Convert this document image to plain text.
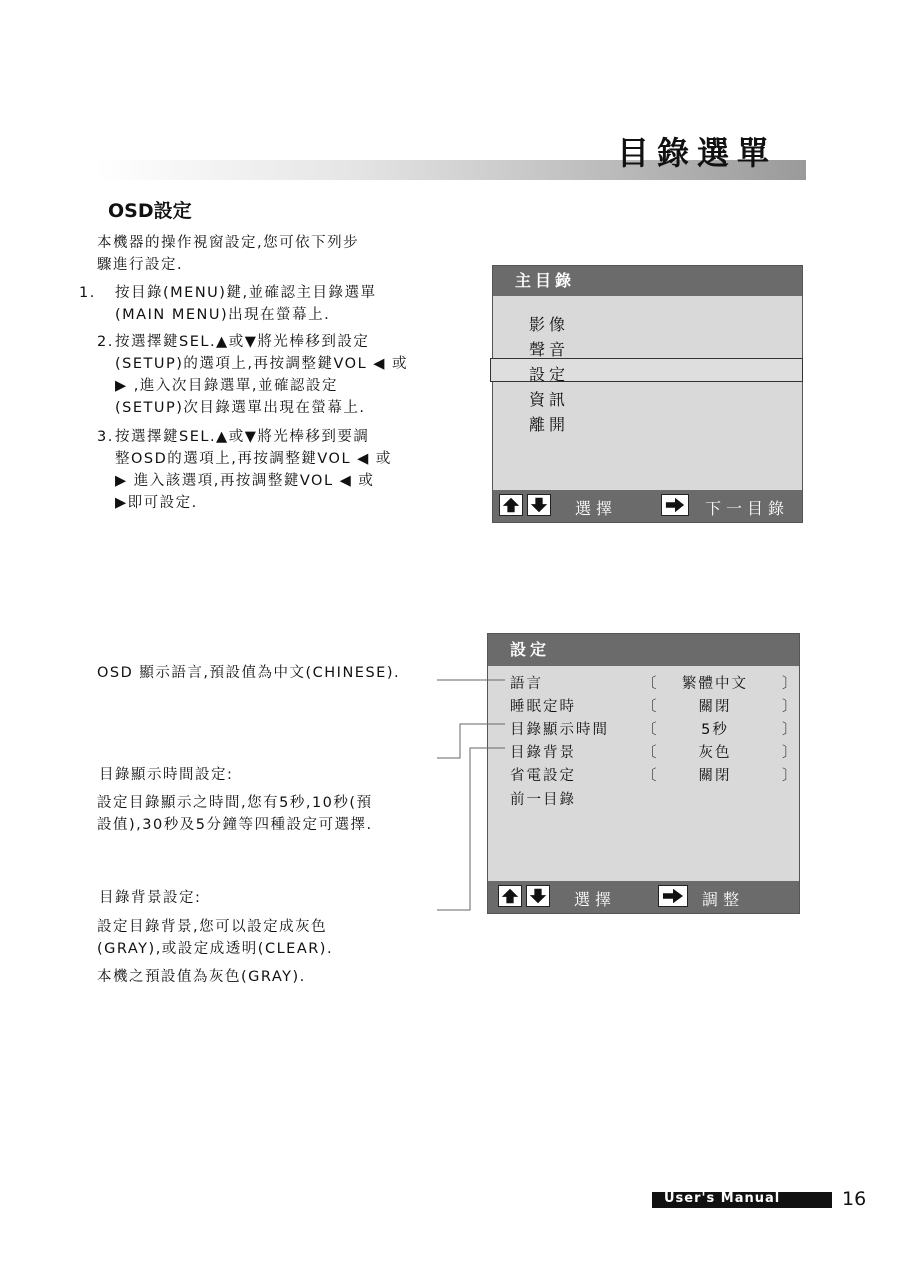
目錄選單
OSD設定
本機器的操作視窗設定,您可依下列步
驟進行設定.
1. 按目錄(MENU)鍵,並確認主目錄選單
(MAIN MENU)出現在螢幕上.
2.按選擇鍵SEL.▲或▼將光棒移到設定
(SETUP)的選項上,再按調整鍵VOL ◀ 或
▶ ,進入次目錄選單,並確認設定
(SETUP)次目錄選單出現在螢幕上.
3.按選擇鍵SEL.▲或▼將光棒移到要調
整OSD的選項上,再按調整鍵VOL ◀ 或
▶ 進入該選項,再按調整鍵VOL ◀ 或
▶即可設定.
主目錄
影像
聲音
設定
資訊
離開
選擇	下一目錄
設定
語言	〔	繁體中文	〕
睡眠定時	〔	關閉	〕
目錄顯示時間 〔	5秒	〕
目錄背景	〔	灰色	〕
省電設定	〔	關閉	〕
前一目錄
選擇	調整
OSD 顯示語言,預設值為中文(CHINESE).
目錄顯示時間設定:
設定目錄顯示之時間,您有5秒,10秒(預
設值),30秒及5分鐘等四種設定可選擇.
目錄背景設定:
設定目錄背景,您可以設定成灰色
(GRAY),或設定成透明(CLEAR).
本機之預設值為灰色(GRAY).
User's Manual	16
